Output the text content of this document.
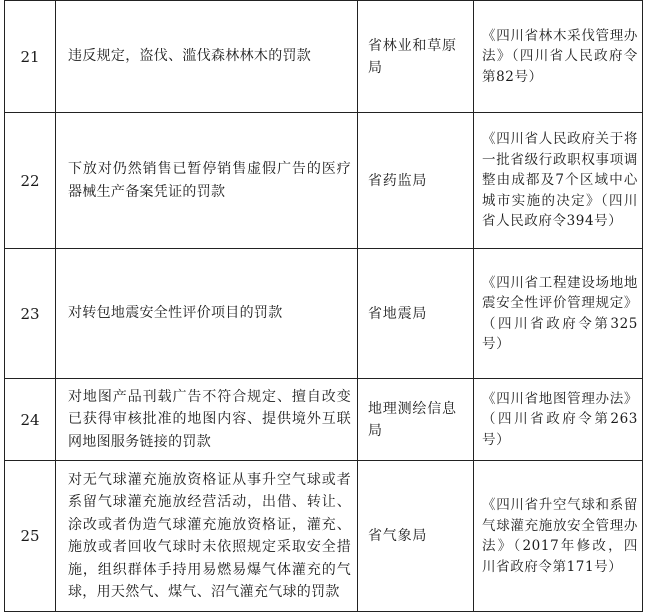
21	违反规定，盗伐、滥伐森林林木的罚款	省林业和草原局	《四川省林木采伐管理办法》（四川省人民政府令第82号）
22	下放对仍然销售已暂停销售虚假广告的医疗器械生产备案凭证的罚款	省药监局	《四川省人民政府关于将一批省级行政职权事项调整由成都及7个区域中心城市实施的决定》（四川省人民政府令394号）
23	对转包地震安全性评价项目的罚款	省地震局	《四川省工程建设场地地震安全性评价管理规定》（四川省政府令第325号）
24	对地图产品刊载广告不符合规定、擅自改变已获得审核批准的地图内容、提供境外互联网地图服务链接的罚款	地理测绘信息局	《四川省地图管理办法》（四川省政府令第263号）
25	对无气球灌充施放资格证从事升空气球或者系留气球灌充施放经营活动，出借、转让、涂改或者伪造气球灌充施放资格证，灌充、施放或者回收气球时未依照规定采取安全措施，组织群体手持用易燃易爆气体灌充的气球，用天然气、煤气、沼气灌充气球的罚款	省气象局	《四川省升空气球和系留气球灌充施放安全管理办法》（2017年修改，四川省政府令第171号）
